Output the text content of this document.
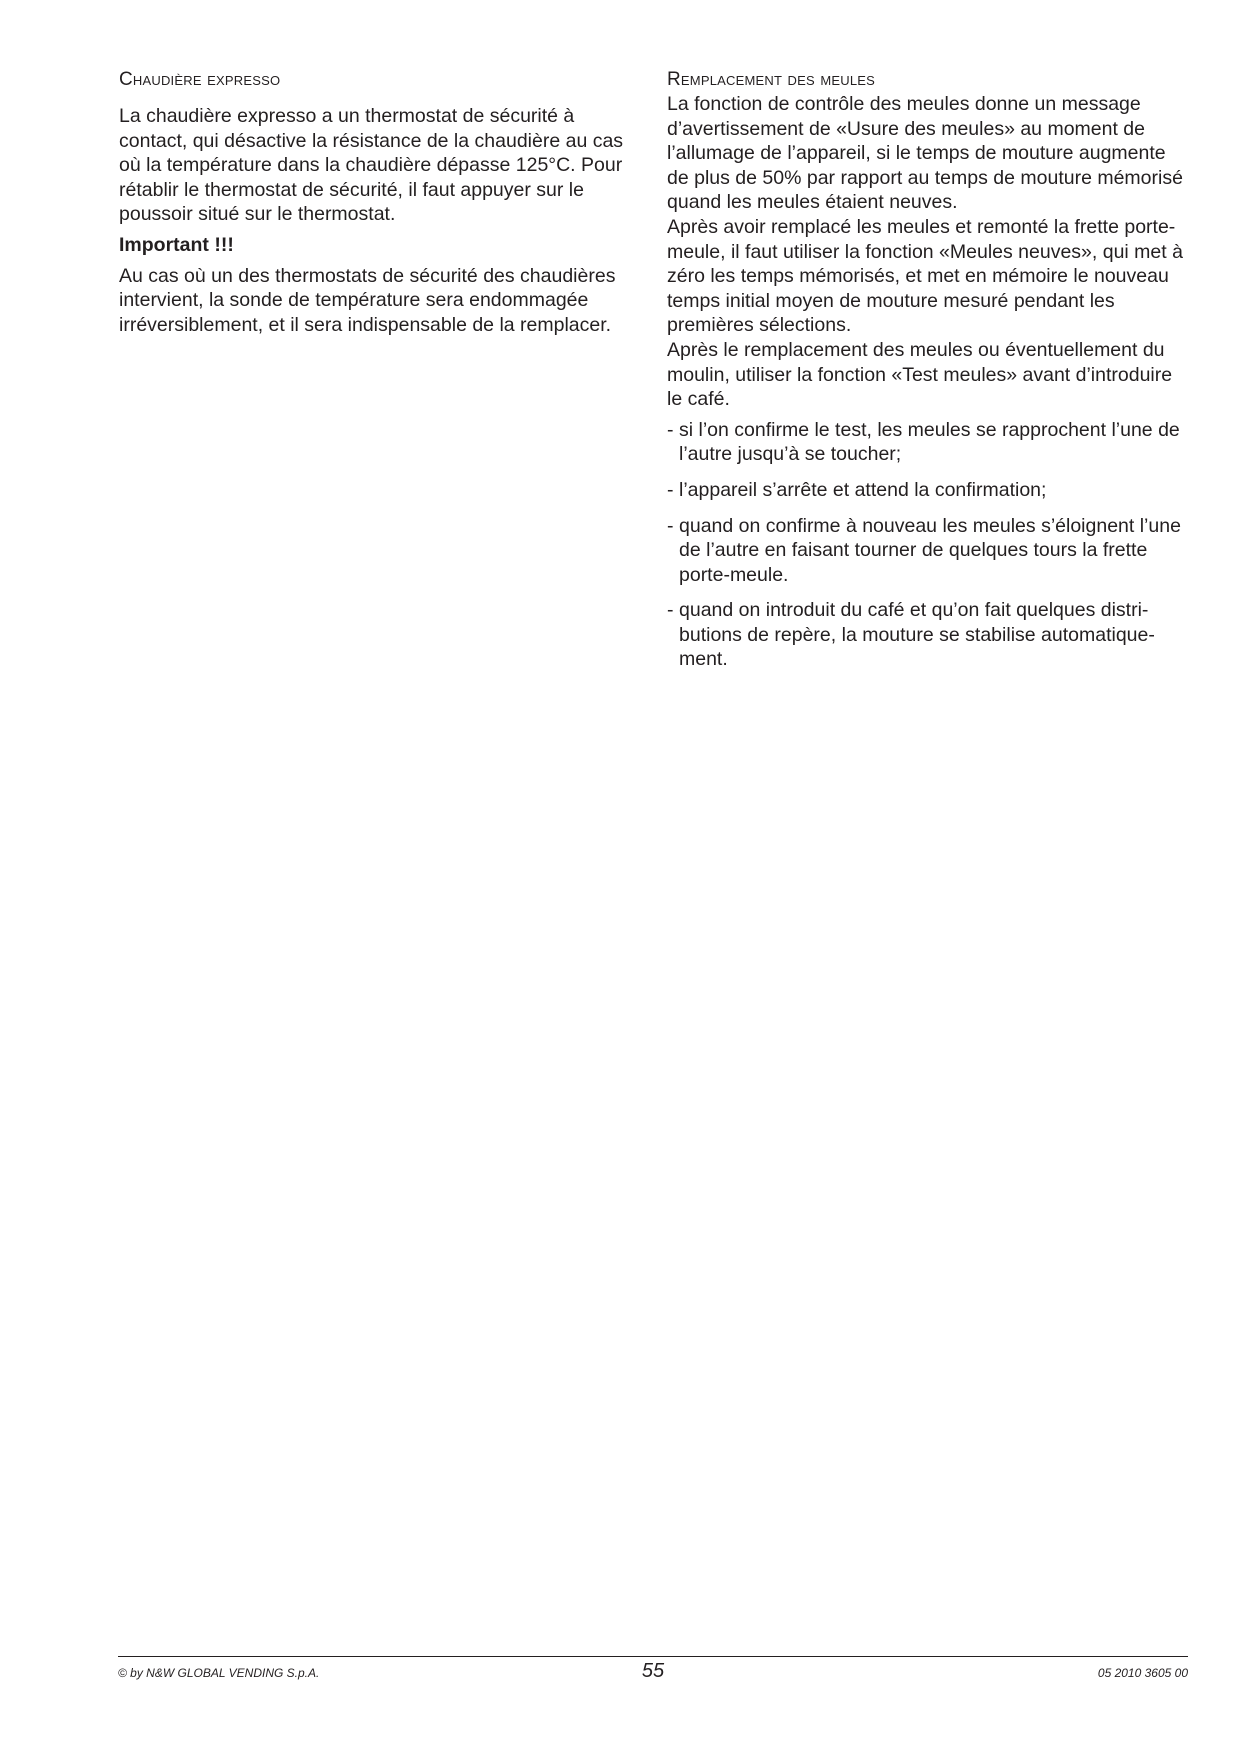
Chaudière expresso

La chaudière expresso a un thermostat de sécurité à contact, qui désactive la résistance de la chaudière au cas où la température dans la chaudière dépasse 125°C. Pour rétablir le thermostat de sécurité, il faut appuyer sur le poussoir situé sur le thermostat.

Important !!!

Au cas où un des thermostats de sécurité des chaudières intervient, la sonde de température sera endommagée irréversiblement, et il sera indispensable de la remplacer.

Remplacement des meules

La fonction de contrôle des meules donne un message d’avertissement de «Usure des meules» au moment de l’allumage de l’appareil, si le temps de mouture augmente de plus de 50% par rapport au temps de mouture mémorisé quand les meules étaient neuves.

Après avoir remplacé les meules et remonté la frette porte-meule, il faut utiliser la fonction «Meules neuves», qui met à zéro les temps mémorisés, et met en mémoire le nouveau temps initial moyen de mouture mesuré pendant les premières sélections.

Après le remplacement des meules ou éventuellement du moulin, utiliser la fonction «Test meules» avant d’introduire le café.

- si l’on confirme le test, les meules se rapprochent l’une de l’autre jusqu’à se toucher;
- l’appareil s’arrête et attend la confirmation;
- quand on confirme à nouveau les meules s’éloignent l’une de l’autre en faisant tourner de quelques tours la frette porte-meule.
- quand on introduit du café et qu’on fait quelques distributions de repère, la mouture se stabilise automatiquement.
© by N&W GLOBAL VENDING S.p.A.	55	05 2010 3605 00
